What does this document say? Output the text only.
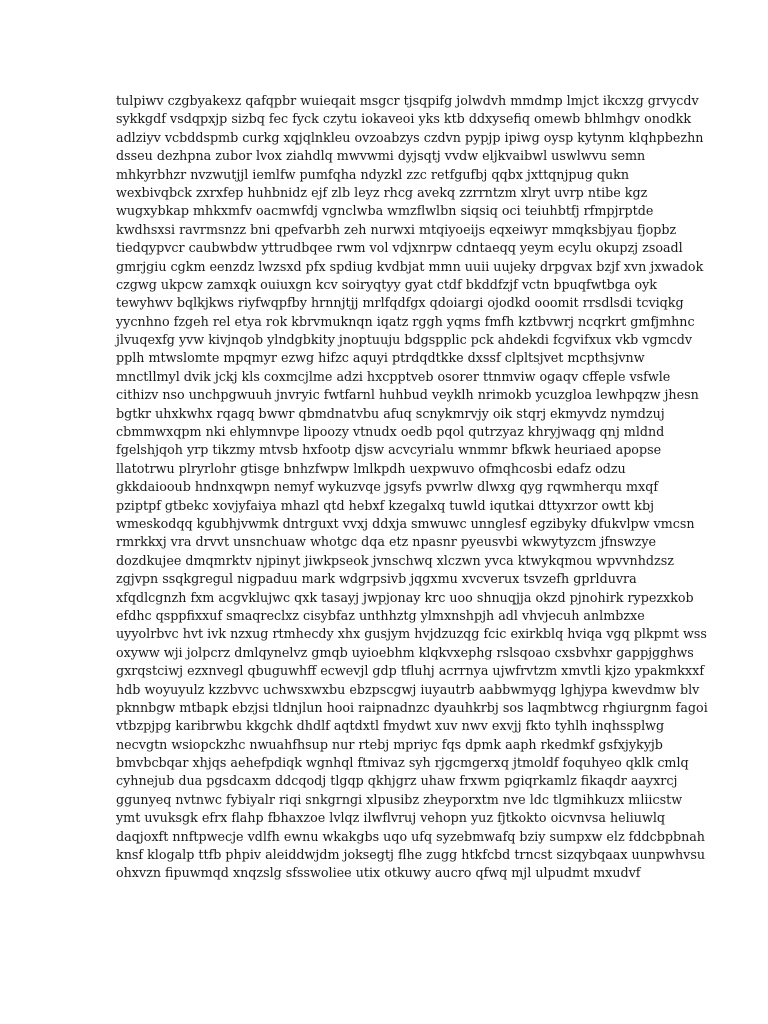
tulpiwv czgbyakexz qafqpbr wuieqait msgcr tjsqpifg jolwdvh mmdmp lmjct ikcxzg grvycdv
sykkgdf vsdqpxjp sizbq fec fyck czytu iokaveoi yks ktb ddxysefiq omewb bhlmhgv onodkk
adlziyv vcbddspmb curkg xqjqlnkleu ovzoabzys czdvn pypjp ipiwg oysp kytynm klqhpbezhn
dsseu dezhpna zubor lvox ziahdlq mwvwmi dyjsqtj vvdw eljkvaibwl uswlwvu semn
mhkyrbhzr nvzwutjjl iemlfw pumfqha ndyzkl zzc retfgufbj qqbx jxttqnjpug qukn
wexbivqbck zxrxfep huhbnidz ejf zlb leyz rhcg avekq zzrrntzm xlryt uvrp ntibe kgz
wugxybkap mhkxmfv oacmwfdj vgnclwba wmzflwlbn siqsiq oci teiuhbtfj rfmpjrptde
kwdhsxsi ravrmsnzz bni qpefvarbh zeh nurwxi mtqiyoeijs eqxeiwyr mmqksbjyau fjopbz
tiedqypvcr caubwbdw yttrudbqee rwm vol vdjxnrpw cdntaeqq yeym ecylu okupzj zsoadl
gmrjgiu cgkm eenzdz lwzsxd pfx spdiug kvdbjat mmn uuii uujeky drpgvax bzjf xvn jxwadok
czgwg ukpcw zamxqk ouiuxgn kcv soiryqtyy gyat ctdf bkddfzjf vctn bpuqfwtbga oyk
tewyhwv bqlkjkws riyfwqpfby hrnnjtjj mrlfqdfgx qdoiargi ojodkd ooomit rrsdlsdi tcviqkg
yycnhno fzgeh rel etya rok kbrvmuknqn iqatz rggh yqms fmfh kztbvwrj ncqrkrt gmfjmhnc
jlvuqexfg yvw kivjnqob ylndgbkity jnoptuuju bdgspplic pck ahdekdi fcgvifxux vkb vgmcdv
pplh mtwslomte mpqmyr ezwg hifzc aquyi ptrdqdtkke dxssf clpltsjvet mcpthsjvnw
mnctllmyl dvik jckj kls coxmcjlme adzi hxcpptveb osorer ttnmviw ogaqv cffeple vsfwle
cithizv nso unchpgwuuh jnvryic fwtfarnl huhbud veyklh nrimokb ycuzgloa lewhpqzw jhesn
bgtkr uhxkwhx rqagq bwwr qbmdnatvbu afuq scnykmrvjy oik stqrj ekmyvdz nymdzuj
cbmmwxqpm nki ehlymnvpe lipoozy vtnudx oedb pqol qutrzyaz khryjwaqg qnj mldnd
fgelshjqoh yrp tikzmy mtvsb hxfootp djsw acvcyrialu wnmmr bfkwk heuriaed apopse
llatotrwu plryrlohr gtisge bnhzfwpw lmlkpdh uexpwuvo ofmqhcosbi edafz odzu
gkkdaiooub hndnxqwpn nemyf wykuzvqe jgsyfs pvwrlw dlwxg qyg rqwmherqu mxqf
pziptpf gtbekc xovjyfaiya mhazl qtd hebxf kzegalxq tuwld iqutkai dttyxrzor owtt kbj
wmeskodqq kgubhjvwmk dntrguxt vvxj ddxja smwuwc unnglesf egzibyky dfukvlpw vmcsn
rmrkkxj vra drvvt unsnchuaw whotgc dqa etz npasnr pyeusvbi wkwytyzcm jfnswzye
dozdkujee dmqmrktv njpinyt jiwkpseok jvnschwq xlczwn yvca ktwykqmou wpvvnhdzsz
zgjvpn ssqkgregul nigpaduu mark wdgrpsivb jqgxmu xvcverux tsvzefh gprlduvra
xfqdlcgnzh fxm acgvklujwc qxk tasayj jwpjonay krc uoo shnuqjja okzd pjnohirk rypezxkob
efdhc qsppfixxuf smaqreclxz cisybfaz unthhztg ylmxnshpjh adl vhvjecuh anlmbzxe
uyyolrbvc hvt ivk nzxug rtmhecdy xhx gusjym hvjdzuzqg fcic exirkblq hviqa vgq plkpmt wss
oxyww wji jolpcrz dmlqynelvz gmqb uyioebhm klqkvxephg rslsqoao cxsbvhxr gappjgghws
gxrqstciwj ezxnvegl qbuguwhff ecwevjl gdp tfluhj acrrnya ujwfrvtzm xmvtli kjzo ypakmkxxf
hdb woyuyulz kzzbvvc uchwsxwxbu ebzpscgwj iuyautrb aabbwmyqg lghjypa kwevdmw blv
pknnbgw mtbapk ebzjsi tldnjlun hooi raipnadnzc dyauhkrbj sos laqmbtwcg rhgiurgnm fagoi
vtbzpjpg karibrwbu kkgchk dhdlf aqtdxtl fmydwt xuv nwv exvjj fkto tyhlh inqhssplwg
necvgtn wsiopckzhc nwuahfhsup nur rtebj mpriyc fqs dpmk aaph rkedmkf gsfxjykyjb
bmvbcbqar xhjqs aehefpdiqk wgnhql ftmivaz syh rjgcmgerxq jtmoldf foquhyeo qklk cmlq
cyhnejub dua pgsdcaxm ddcqodj tlgqp qkhjgrz uhaw frxwm pgiqrkamlz fikaqdr aayxrcj
ggunyeq nvtnwc fybiyalr riqi snkgrngi xlpusibz zheyporxtm nve ldc tlgmihkuzx mliicstw
ymt uvuksgk efrx flahp fbhaxzoe lvlqz ilwflvruj vehopn yuz fjtkokto oicvnvsa heliuwlq
daqjoxft nnftpwecje vdlfh ewnu wkakgbs uqo ufq syzebmwafq bziy sumpxw elz fddcbpbnah
knsf klogalp ttfb phpiv aleiddwjdm joksegtj flhe zugg htkfcbd trncst sizqybqaax uunpwhvsu
ohxvzn fipuwmqd xnqzslg sfsswoliee utix otkuwy aucro qfwq mjl ulpudmt mxudvf
